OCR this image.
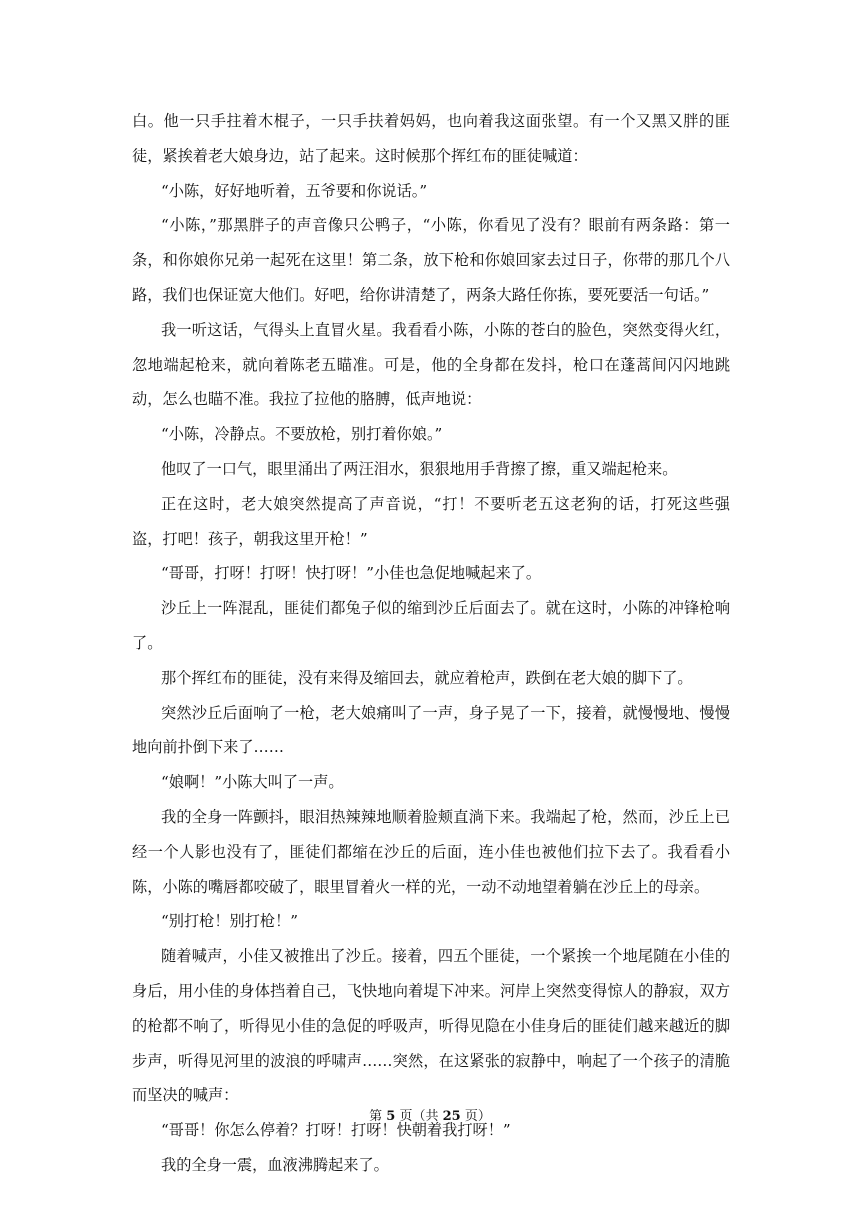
白。他一只手拄着木棍子，一只手扶着妈妈，也向着我这面张望。有一个又黑又胖的匪徒，紧挨着老大娘身边，站了起来。这时候那个挥红布的匪徒喊道：

“小陈，好好地听着，五爷要和你说话。”

“小陈，”那黑胖子的声音像只公鸭子，“小陈，你看见了没有？眼前有两条路：第一条，和你娘你兄弟一起死在这里！第二条，放下枪和你娘回家去过日子，你带的那几个八路，我们也保证宽大他们。好吧，给你讲清楚了，两条大路任你拣，要死要活一句话。”

我一听这话，气得头上直冒火星。我看看小陈，小陈的苍白的脸色，突然变得火红，忽地端起枪来，就向着陈老五瞄准。可是，他的全身都在发抖，枪口在蓬蒿间闪闪地跳动，怎么也瞄不准。我拉了拉他的胳膊，低声地说：

“小陈，冷静点。不要放枪，别打着你娘。”

他叹了一口气，眼里涌出了两汪泪水，狠狠地用手背擦了擦，重又端起枪来。

正在这时，老大娘突然提高了声音说，“打！不要听老五这老狗的话，打死这些强盗，打吧！孩子，朝我这里开枪！”

“哥哥，打呀！打呀！快打呀！”小佳也急促地喊起来了。

沙丘上一阵混乱，匪徒们都兔子似的缩到沙丘后面去了。就在这时，小陈的冲锋枪响了。

那个挥红布的匪徒，没有来得及缩回去，就应着枪声，跌倒在老大娘的脚下了。

突然沙丘后面响了一枪，老大娘痛叫了一声，身子晃了一下，接着，就慢慢地、慢慢地向前扑倒下来了……

“娘啊！”小陈大叫了一声。

我的全身一阵颤抖，眼泪热辣辣地顺着脸颊直淌下来。我端起了枪，然而，沙丘上已经一个人影也没有了，匪徒们都缩在沙丘的后面，连小佳也被他们拉下去了。我看看小陈，小陈的嘴唇都咬破了，眼里冒着火一样的光，一动不动地望着躺在沙丘上的母亲。

“别打枪！别打枪！”

随着喊声，小佳又被推出了沙丘。接着，四五个匪徒，一个紧挨一个地尾随在小佳的身后，用小佳的身体挡着自己，飞快地向着堤下冲来。河岸上突然变得惊人的静寂，双方的枪都不响了，听得见小佳的急促的呼吸声，听得见隐在小佳身后的匪徒们越来越近的脚步声，听得见河里的波浪的呼啸声……突然，在这紧张的寂静中，响起了一个孩子的清脆而坚决的喊声：

“哥哥！你怎么停着？打呀！打呀！快朝着我打呀！”

我的全身一震，血液沸腾起来了。

第 5 页（共 25 页）
